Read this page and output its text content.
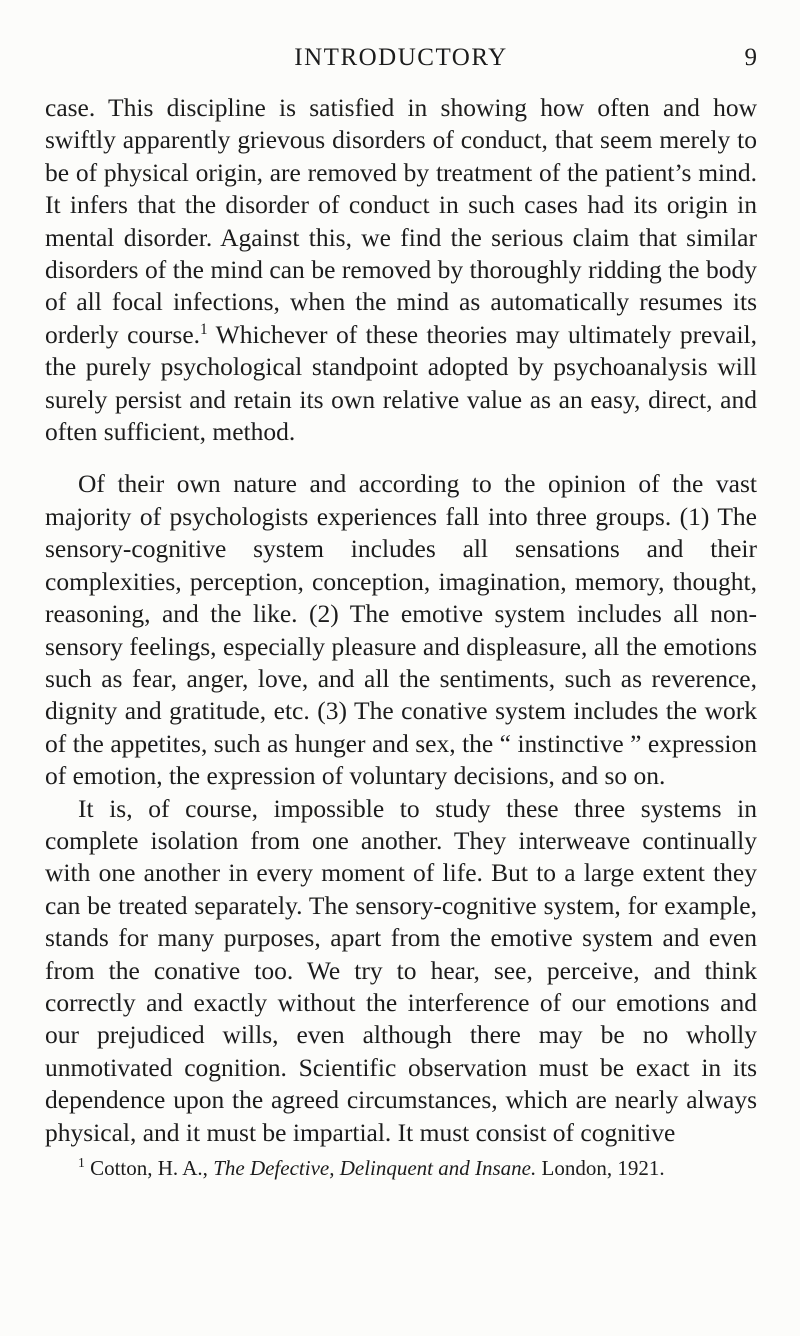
INTRODUCTORY	9

case. This discipline is satisfied in showing how often and how swiftly apparently grievous disorders of conduct, that seem merely to be of physical origin, are removed by treatment of the patient’s mind. It infers that the disorder of conduct in such cases had its origin in mental disorder. Against this, we find the serious claim that similar disorders of the mind can be removed by thoroughly ridding the body of all focal infections, when the mind as automatically resumes its orderly course.$^1$ Whichever of these theories may ultimately prevail, the purely psychological standpoint adopted by psychoanalysis will surely persist and retain its own relative value as an easy, direct, and often sufficient, method.

Of their own nature and according to the opinion of the vast majority of psychologists experiences fall into three groups. (1) The sensory-cognitive system includes all sensations and their complexities, perception, conception, imagination, memory, thought, reasoning, and the like. (2) The emotive system includes all non-sensory feelings, especially pleasure and displeasure, all the emotions such as fear, anger, love, and all the sentiments, such as reverence, dignity and gratitude, etc. (3) The conative system includes the work of the appetites, such as hunger and sex, the “ instinctive ” expression of emotion, the expression of voluntary decisions, and so on.

It is, of course, impossible to study these three systems in complete isolation from one another. They interweave continually with one another in every moment of life. But to a large extent they can be treated separately. The sensory-cognitive system, for example, stands for many purposes, apart from the emotive system and even from the conative too. We try to hear, see, perceive, and think correctly and exactly without the interference of our emotions and our prejudiced wills, even although there may be no wholly unmotivated cognition. Scientific observation must be exact in its dependence upon the agreed circumstances, which are nearly always physical, and it must be impartial. It must consist of cognitive

$^1$ Cotton, H. A., The Defective, Delinquent and Insane. London, 1921.
